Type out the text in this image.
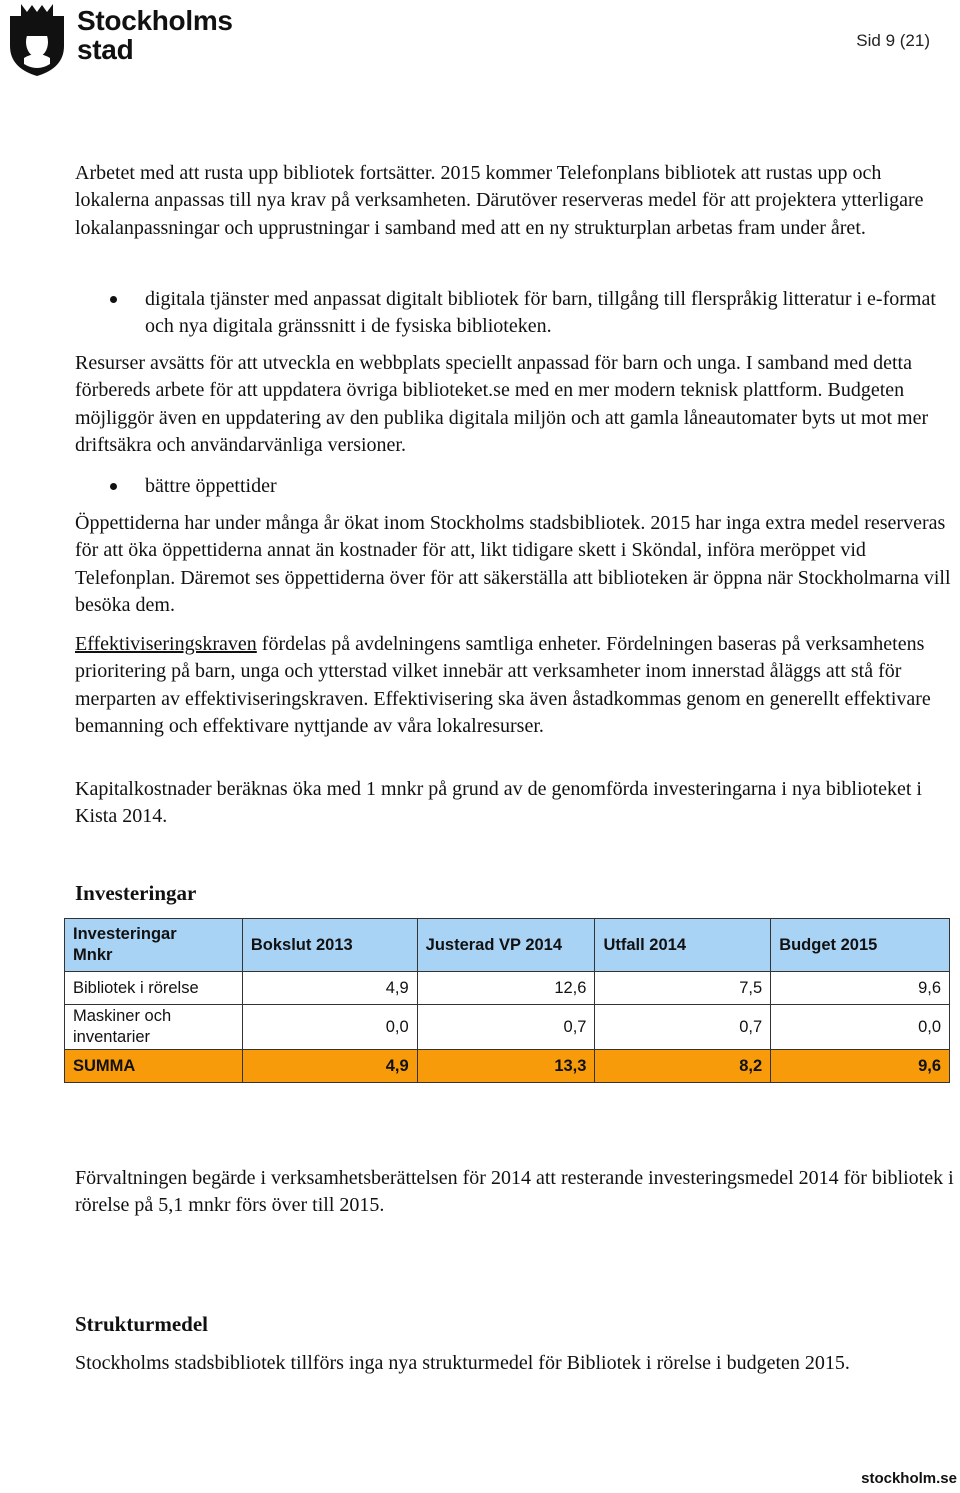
Stockholms
stad	Sid 9 (21)

Arbetet med att rusta upp bibliotek fortsätter. 2015 kommer Telefonplans bibliotek att rustas upp och lokalerna anpassas till nya krav på verksamheten. Därutöver reserveras medel för att projektera ytterligare lokalanpassningar och upprustningar i samband med att en ny strukturplan arbetas fram under året.

digitala tjänster med anpassat digitalt bibliotek för barn, tillgång till flerspråkig litteratur i e-format och nya digitala gränssnitt i de fysiska biblioteken.

Resurser avsätts för att utveckla en webbplats speciellt anpassad för barn och unga. I samband med detta förbereds arbete för att uppdatera övriga biblioteket.se med en mer modern teknisk plattform. Budgeten möjliggör även en uppdatering av den publika digitala miljön och att gamla låneautomater byts ut mot mer driftsäkra och användarvänliga versioner.

bättre öppettider

Öppettiderna har under många år ökat inom Stockholms stadsbibliotek. 2015 har inga extra medel reserveras för att öka öppettiderna annat än kostnader för att, likt tidigare skett i Sköndal, införa meröppet vid Telefonplan. Däremot ses öppettiderna över för att säkerställa att biblioteken är öppna när Stockholmarna vill besöka dem.

Effektiviseringskraven fördelas på avdelningens samtliga enheter. Fördelningen baseras på verksamhetens prioritering på barn, unga och ytterstad vilket innebär att verksamheter inom innerstad åläggs att stå för merparten av effektiviseringskraven. Effektivisering ska även åstadkommas genom en generellt effektivare bemanning och effektivare nyttjande av våra lokalresurser.

Kapitalkostnader beräknas öka med 1 mnkr på grund av de genomförda investeringarna i nya biblioteket i Kista 2014.

Investeringar
Investeringar
Mnkr	Bokslut 2013	Justerad VP 2014	Utfall 2014	Budget 2015
Bibliotek i rörelse	4,9	12,6	7,5	9,6

Maskiner och
inventarier	0,0	0,7	0,7	0,0
SUMMA	4,9	13,3	8,2	9,6

Förvaltningen begärde i verksamhetsberättelsen för 2014 att resterande investeringsmedel 2014 för bibliotek i rörelse på 5,1 mnkr förs över till 2015.

Strukturmedel

Stockholms stadsbibliotek tillförs inga nya strukturmedel för Bibliotek i rörelse i budgeten 2015.

stockholm.se
